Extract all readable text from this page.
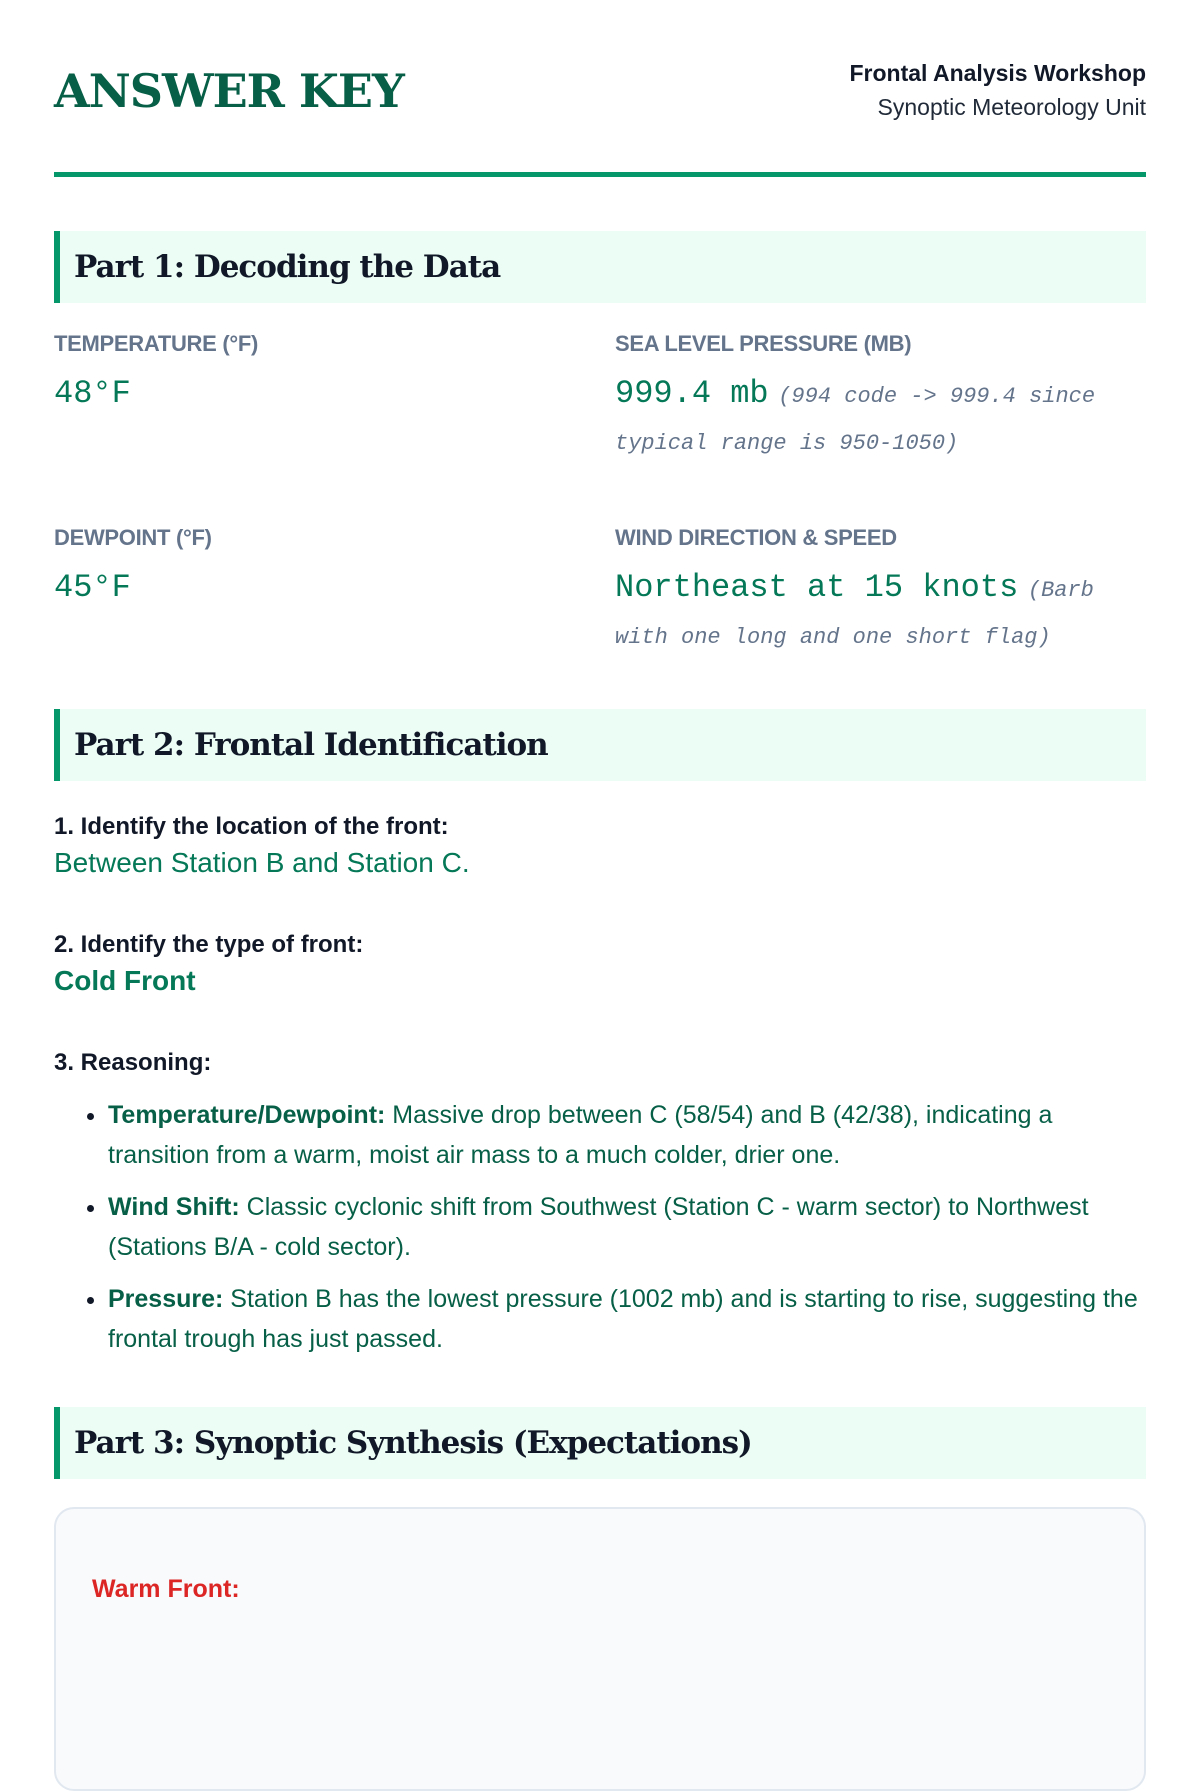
ANSWER KEY	Frontal Analysis Workshop
Synoptic Meteorology Unit
Part 1: Decoding the Data
TEMPERATURE (°F)
48°F
SEA LEVEL PRESSURE (MB)
999.4 mb (994 code -> 999.4 since typical range is 950-1050)
DEWPOINT (°F)
45°F
WIND DIRECTION & SPEED
Northeast at 15 knots (Barb with one long and one short flag)
Part 2: Frontal Identification
1. Identify the location of the front:
Between Station B and Station C.
2. Identify the type of front:
Cold Front
3. Reasoning:
• Temperature/Dewpoint: Massive drop between C (58/54) and B (42/38), indicating a transition from a warm, moist air mass to a much colder, drier one.
• Wind Shift: Classic cyclonic shift from Southwest (Station C - warm sector) to Northwest (Stations B/A - cold sector).
• Pressure: Station B has the lowest pressure (1002 mb) and is starting to rise, suggesting the frontal trough has just passed.
Part 3: Synoptic Synthesis (Expectations)
Warm Front:
